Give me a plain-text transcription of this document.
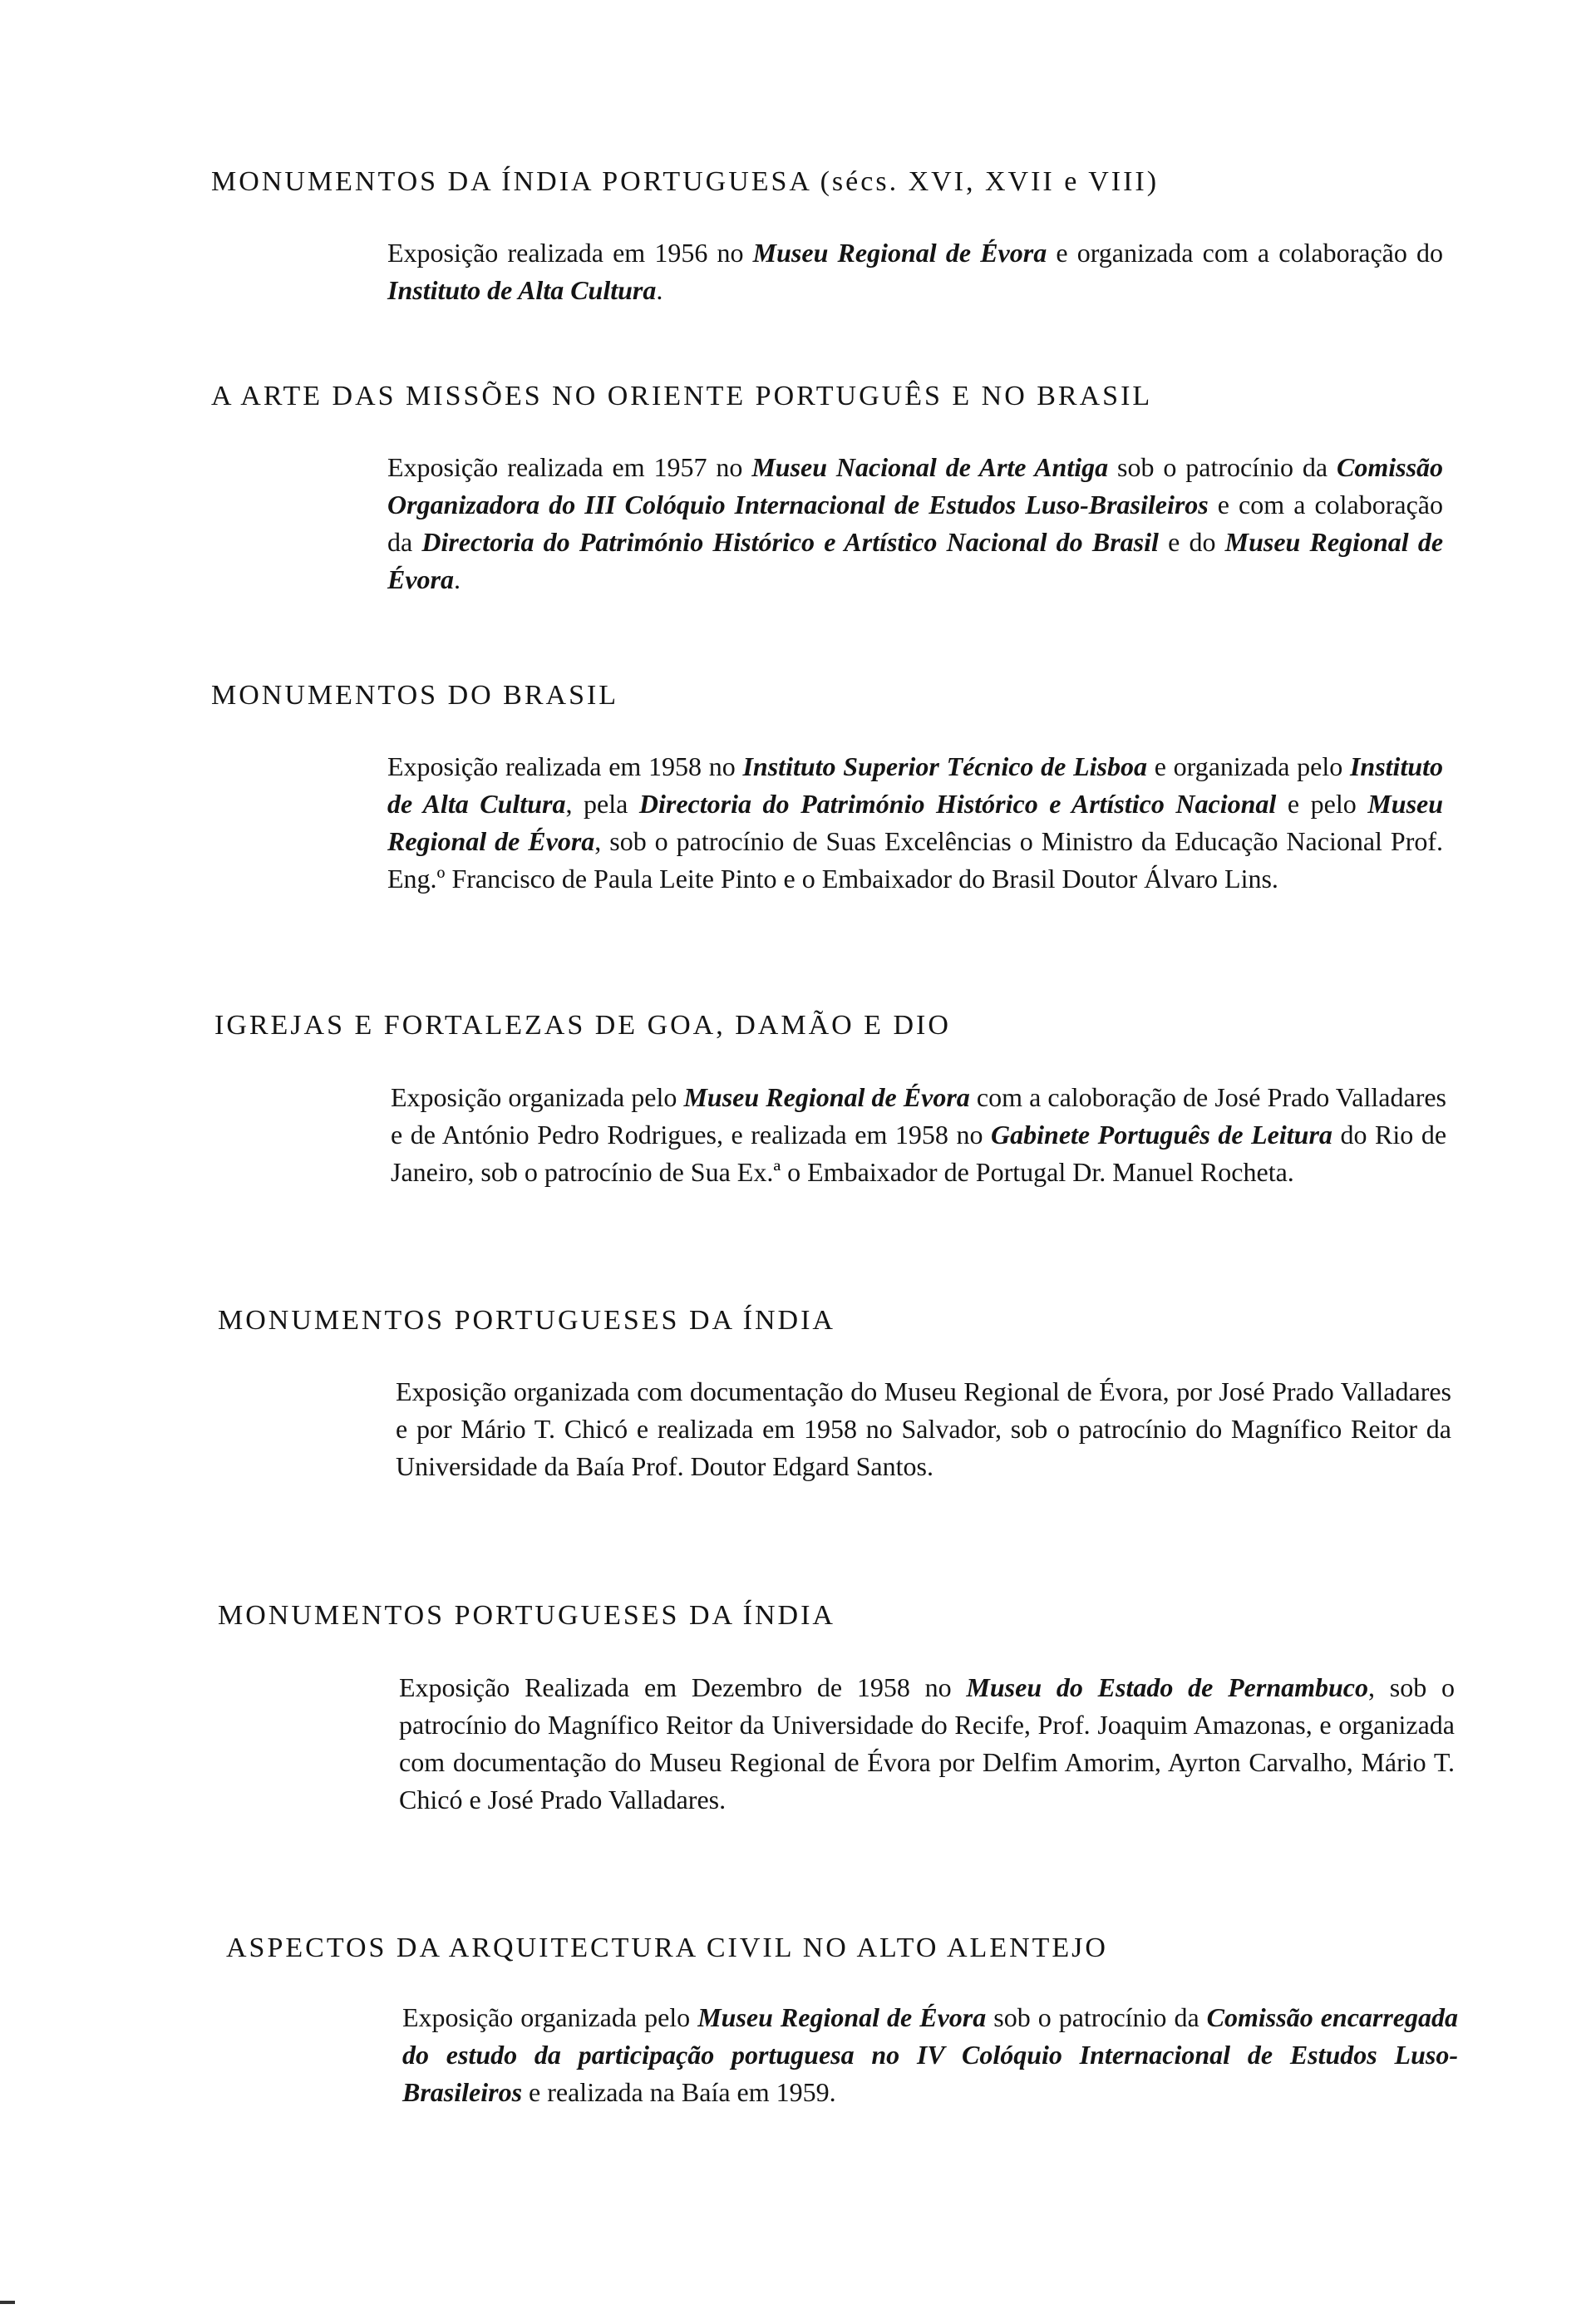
MONUMENTOS DA ÍNDIA PORTUGUESA (sécs. XVI, XVII e VIII)

Exposição realizada em 1956 no Museu Regional de Évora e organizada com a colaboração do Instituto de Alta Cultura.

A ARTE DAS MISSÕES NO ORIENTE PORTUGUÊS E NO BRASIL

Exposição realizada em 1957 no Museu Nacional de Arte Antiga sob o patrocínio da Comissão Organizadora do III Colóquio Internacional de Estudos Luso-Brasileiros e com a colaboração da Directoria do Património Histórico e Artístico Nacional do Brasil e do Museu Regional de Évora.

MONUMENTOS DO BRASIL

Exposição realizada em 1958 no Instituto Superior Técnico de Lisboa e organizada pelo Instituto de Alta Cultura, pela Directoria do Património Histórico e Artístico Nacional e pelo Museu Regional de Évora, sob o patrocínio de Suas Excelências o Ministro da Educação Nacional Prof. Eng.º Francisco de Paula Leite Pinto e o Embaixador do Brasil Doutor Álvaro Lins.

IGREJAS E FORTALEZAS DE GOA, DAMÃO E DIO

Exposição organizada pelo Museu Regional de Évora com a caloboração de José Prado Valladares e de António Pedro Rodrigues, e realizada em 1958 no Gabinete Português de Leitura do Rio de Janeiro, sob o patrocínio de Sua Ex.ª o Embaixador de Portugal Dr. Manuel Rocheta.

MONUMENTOS PORTUGUESES DA ÍNDIA

Exposição organizada com documentação do Museu Regional de Évora, por José Prado Valladares e por Mário T. Chicó e realizada em 1958 no Salvador, sob o patrocínio do Magnífico Reitor da Universidade da Baía Prof. Doutor Edgard Santos.

MONUMENTOS PORTUGUESES DA ÍNDIA

Exposição Realizada em Dezembro de 1958 no Museu do Estado de Pernambuco, sob o patrocínio do Magnífico Reitor da Universidade do Recife, Prof. Joaquim Amazonas, e organizada com documentação do Museu Regional de Évora por Delfim Amorim, Ayrton Carvalho, Mário T. Chicó e José Prado Valladares.

ASPECTOS DA ARQUITECTURA CIVIL NO ALTO ALENTEJO

Exposição organizada pelo Museu Regional de Évora sob o patrocínio da Comissão encarregada do estudo da participação portuguesa no IV Colóquio Internacional de Estudos Luso-Brasileiros e realizada na Baía em 1959.
